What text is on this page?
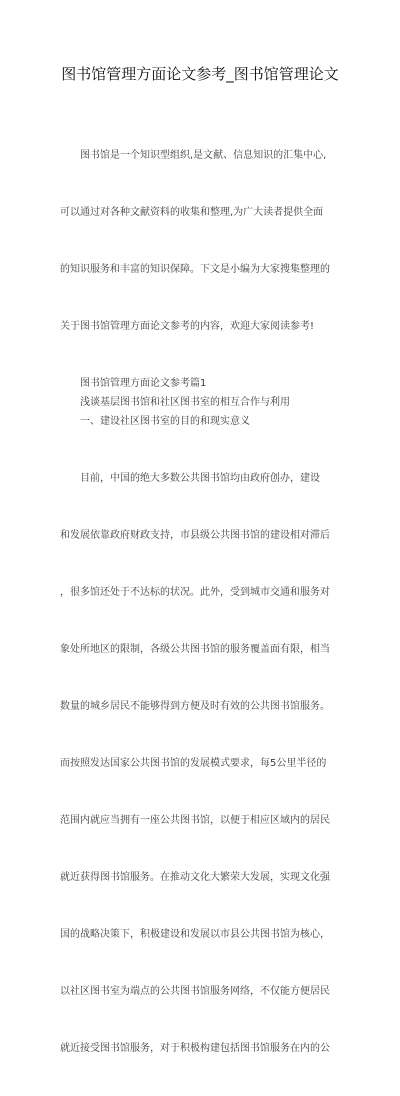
图书馆管理方面论文参考_图书馆管理论文

图书馆是一个知识型组织,是文献、信息知识的汇集中心,

可以通过对各种文献资料的收集和整理,为广大读者提供全面

的知识服务和丰富的知识保障。下文是小编为大家搜集整理的

关于图书馆管理方面论文参考的内容，欢迎大家阅读参考!

图书馆管理方面论文参考篇1
浅谈基层图书馆和社区图书室的相互合作与利用
一、建设社区图书室的目的和现实意义

目前，中国的绝大多数公共图书馆均由政府创办，建设

和发展依靠政府财政支持，市县级公共图书馆的建设相对滞后

，很多馆还处于不达标的状况。此外，受到城市交通和服务对

象处所地区的限制，各级公共图书馆的服务覆盖面有限，相当

数量的城乡居民不能够得到方便及时有效的公共图书馆服务。

而按照发达国家公共图书馆的发展模式要求，每5公里半径的

范围内就应当拥有一座公共图书馆，以便于相应区域内的居民

就近获得图书馆服务。在推动文化大繁荣大发展，实现文化强

国的战略决策下，积极建设和发展以市县公共图书馆为核心，

以社区图书室为端点的公共图书馆服务网络，不仅能方便居民

就近接受图书馆服务，对于积极构建包括图书馆服务在内的公
